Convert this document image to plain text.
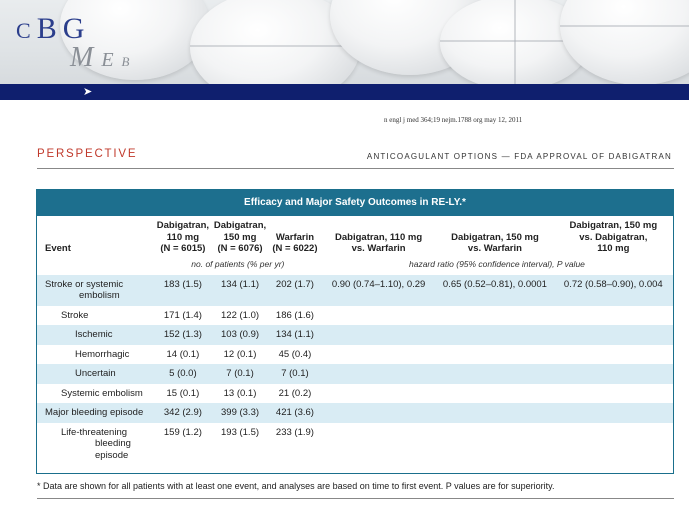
CBG
MEB
➤
n engl j med 364;19 nejm.1788 org may 12, 2011
PERSPECTIVE	ANTICOAGULANT OPTIONS — FDA APPROVAL OF DABIGATRAN
Efficacy and Major Safety Outcomes in RE-LY.*
Event	Dabigatran,
110 mg
(N = 6015)	Dabigatran,
150 mg
(N = 6076)	Warfarin
(N = 6022)	Dabigatran, 110 mg
vs. Warfarin	Dabigatran, 150 mg
vs. Warfarin	Dabigatran, 150 mg
vs. Dabigatran,
110 mg
	no. of patients (% per yr)			hazard ratio (95% confidence interval), P value		
Stroke or systemic
embolism	183 (1.5)	134 (1.1)	202 (1.7)	0.90 (0.74–1.10), 0.29	0.65 (0.52–0.81), 0.0001	0.72 (0.58–0.90), 0.004
Stroke	171 (1.4)	122 (1.0)	186 (1.6)			
Ischemic	152 (1.3)	103 (0.9)	134 (1.1)			
Hemorrhagic	14 (0.1)	12 (0.1)	45 (0.4)			
Uncertain	5 (0.0)	7 (0.1)	7 (0.1)			
Systemic embolism	15 (0.1)	13 (0.1)	21 (0.2)			
Major bleeding episode	342 (2.9)	399 (3.3)	421 (3.6)			
Life-threatening
bleeding
episode	159 (1.2)	193 (1.5)	233 (1.9)			
* Data are shown for all patients with at least one event, and analyses are based on time to first event. P values are for superiority.
